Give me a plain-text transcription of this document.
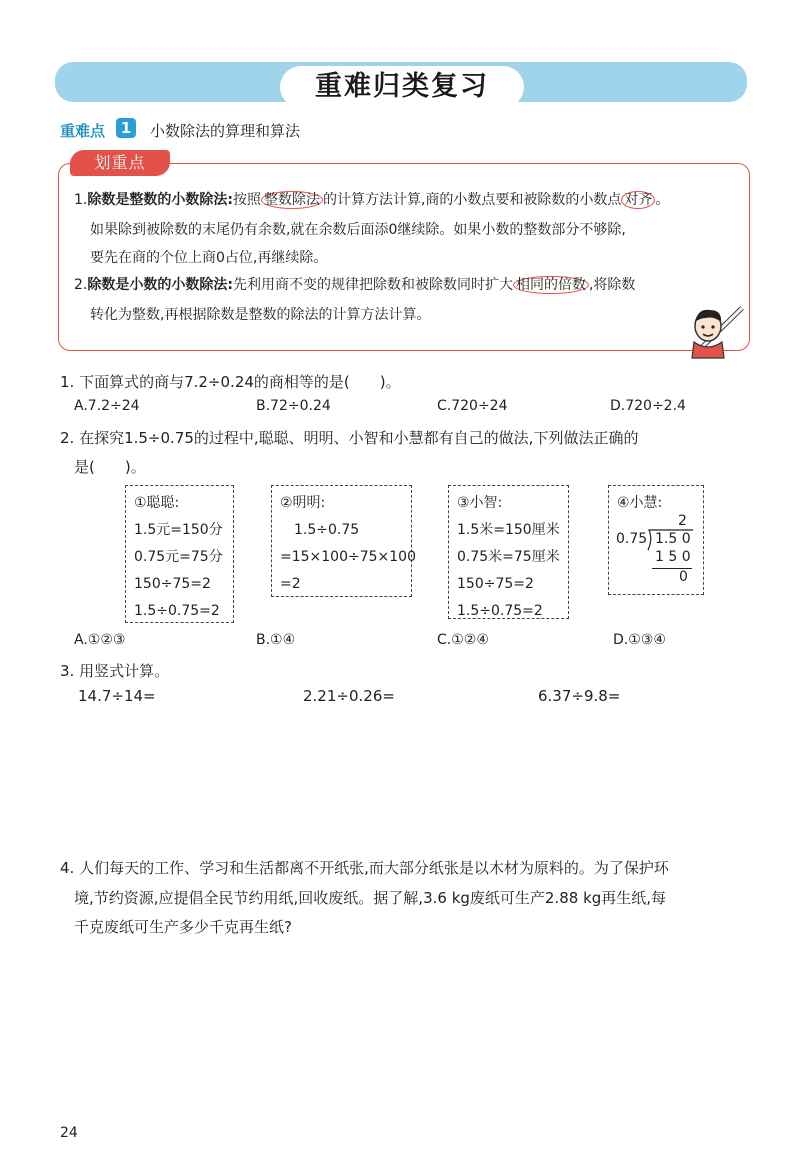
重难归类复习
重难点	1	小数除法的算理和算法
划重点
1.除数是整数的小数除法:按照 整数除法 的计算方法计算,商的小数点要和被除数的小数点 对齐 。
如果除到被除数的末尾仍有余数,就在余数后面添0继续除。如果小数的整数部分不够除,
要先在商的个位上商0占位,再继续除。
2.除数是小数的小数除法:先利用商不变的规律把除数和被除数同时扩大 相同的倍数 ,将除数
转化为整数,再根据除数是整数的除法的计算方法计算。
1. 下面算式的商与7.2÷0.24的商相等的是(　　)。
A.7.2÷24	B.72÷0.24	C.720÷24	D.720÷2.4
2. 在探究1.5÷0.75的过程中,聪聪、明明、小智和小慧都有自己的做法,下列做法正确的
是(　　)。
①聪聪:
1.5元=150分
0.75元=75分
150÷75=2
1.5÷0.75=2
②明明:
1.5÷0.75
=15×100÷75×100
=2
③小智:
1.5米=150厘米
0.75米=75厘米
150÷75=2
1.5÷0.75=2
④小慧:
2
0.75 1.5 0
1 5 0
0
A.①②③	B.①④	C.①②④	D.①③④
3. 用竖式计算。
14.7÷14=	2.21÷0.26=	6.37÷9.8=
4. 人们每天的工作、学习和生活都离不开纸张,而大部分纸张是以木材为原料的。为了保护环
境,节约资源,应提倡全民节约用纸,回收废纸。据了解,3.6 kg废纸可生产2.88 kg再生纸,每
千克废纸可生产多少千克再生纸?
24
